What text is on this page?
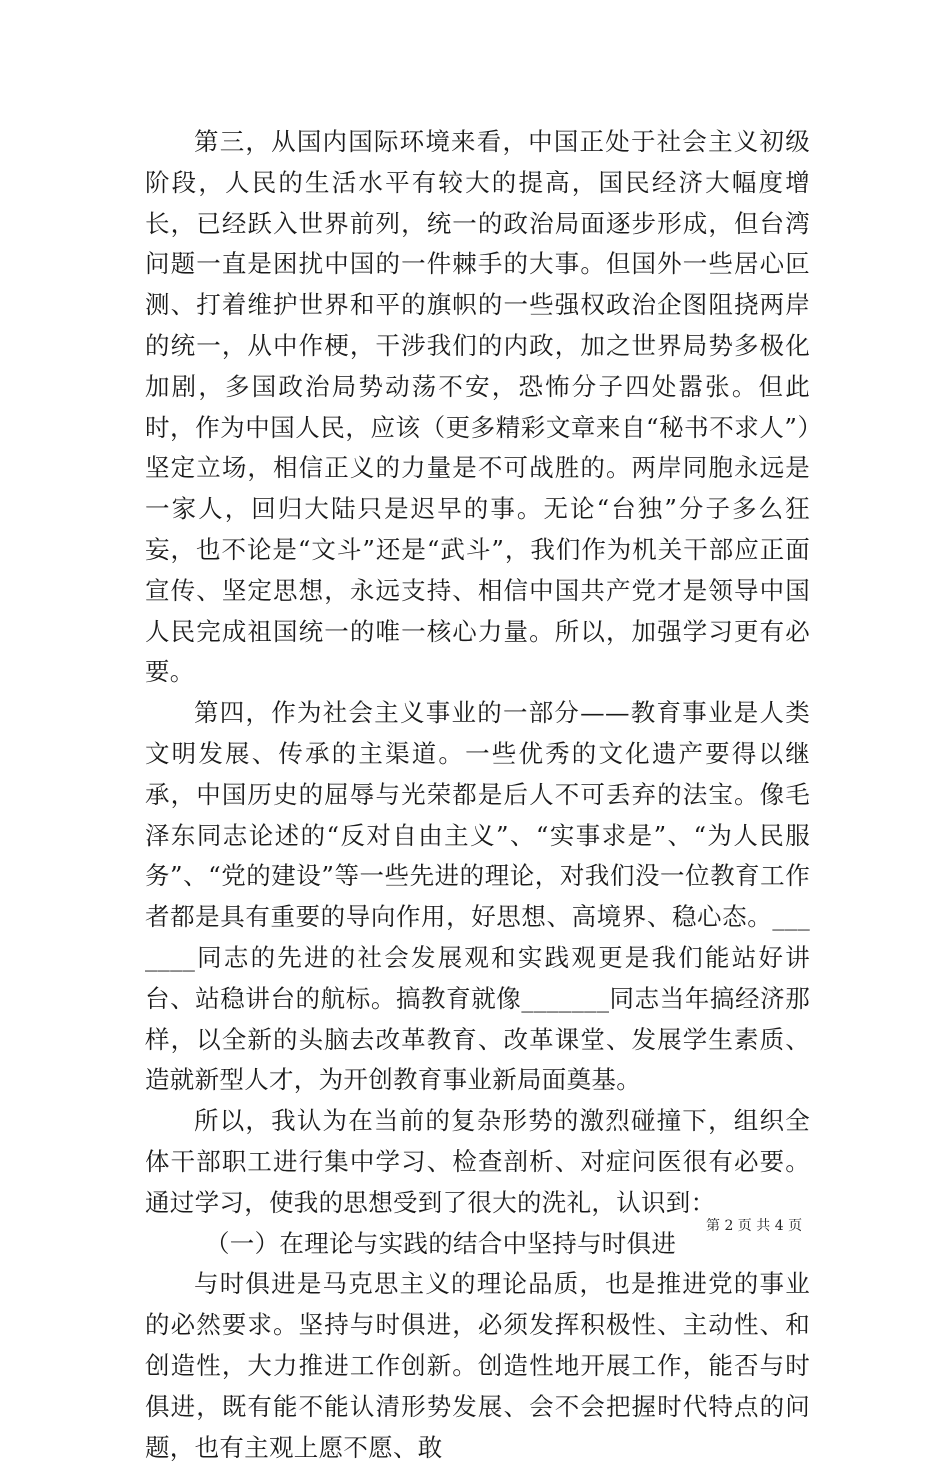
第三，从国内国际环境来看，中国正处于社会主义初级阶段，人民的生活水平有较大的提高，国民经济大幅度增长，已经跃入世界前列，统一的政治局面逐步形成，但台湾问题一直是困扰中国的一件棘手的大事。但国外一些居心叵测、打着维护世界和平的旗帜的一些强权政治企图阻挠两岸的统一，从中作梗，干涉我们的内政，加之世界局势多极化加剧，多国政治局势动荡不安，恐怖分子四处嚣张。但此时，作为中国人民，应该（更多精彩文章来自“秘书不求人”）坚定立场，相信正义的力量是不可战胜的。两岸同胞永远是一家人，回归大陆只是迟早的事。无论“台独”分子多么狂妄，也不论是“文斗”还是“武斗”，我们作为机关干部应正面宣传、坚定思想，永远支持、相信中国共产党才是领导中国人民完成祖国统一的唯一核心力量。所以，加强学习更有必要。

第四，作为社会主义事业的一部分——教育事业是人类文明发展、传承的主渠道。一些优秀的文化遗产要得以继承，中国历史的屈辱与光荣都是后人不可丢弃的法宝。像毛泽东同志论述的“反对自由主义”、“实事求是”、“为人民服务”、“党的建设”等一些先进的理论，对我们没一位教育工作者都是具有重要的导向作用，好思想、高境界、稳心态。_______同志的先进的社会发展观和实践观更是我们能站好讲台、站稳讲台的航标。搞教育就像_______同志当年搞经济那样，以全新的头脑去改革教育、改革课堂、发展学生素质、造就新型人才，为开创教育事业新局面奠基。

所以，我认为在当前的复杂形势的激烈碰撞下，组织全体干部职工进行集中学习、检查剖析、对症问医很有必要。通过学习，使我的思想受到了很大的洗礼，认识到：

（一）在理论与实践的结合中坚持与时俱进

与时俱进是马克思主义的理论品质，也是推进党的事业的必然要求。坚持与时俱进，必须发挥积极性、主动性、和创造性，大力推进工作创新。创造性地开展工作，能否与时俱进，既有能不能认清形势发展、会不会把握时代特点的问题，也有主观上愿不愿、敢

第 2 页 共 4 页
